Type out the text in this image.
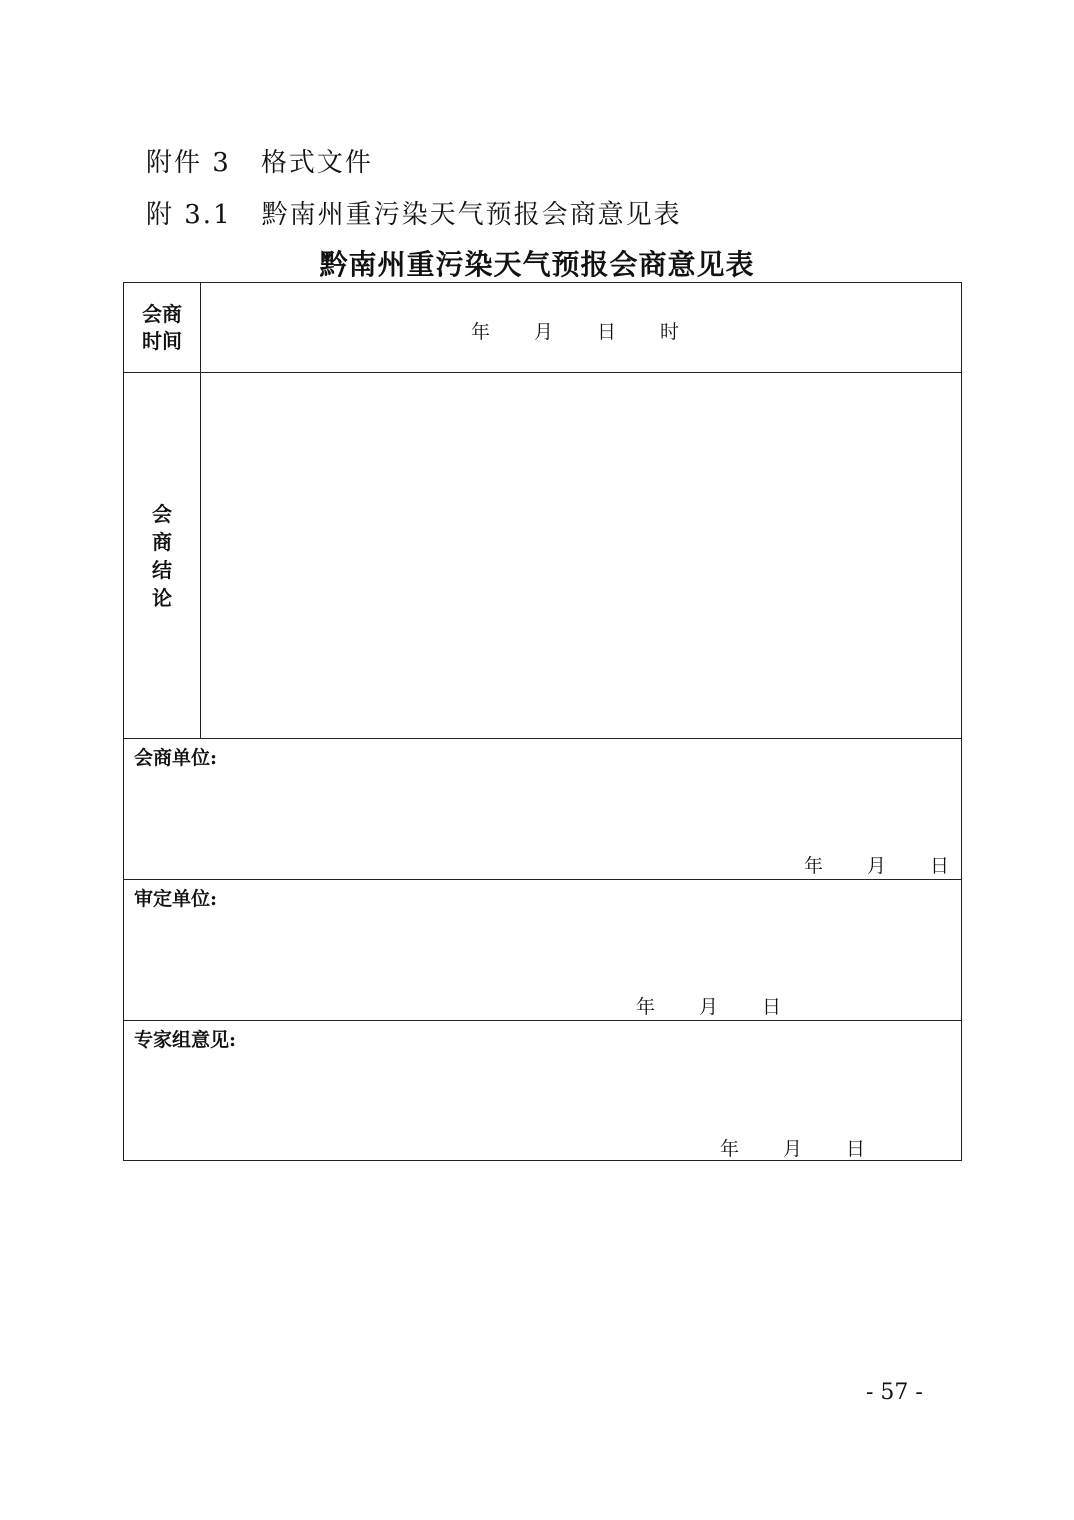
附件 3 格式文件
附 3.1 黔南州重污染天气预报会商意见表
黔南州重污染天气预报会商意见表
会商
时间	年 月 日 时
会
商
结
论
会商单位:
年 月 日
审定单位:
年 月 日
专家组意见:
年 月 日
- 57 -
